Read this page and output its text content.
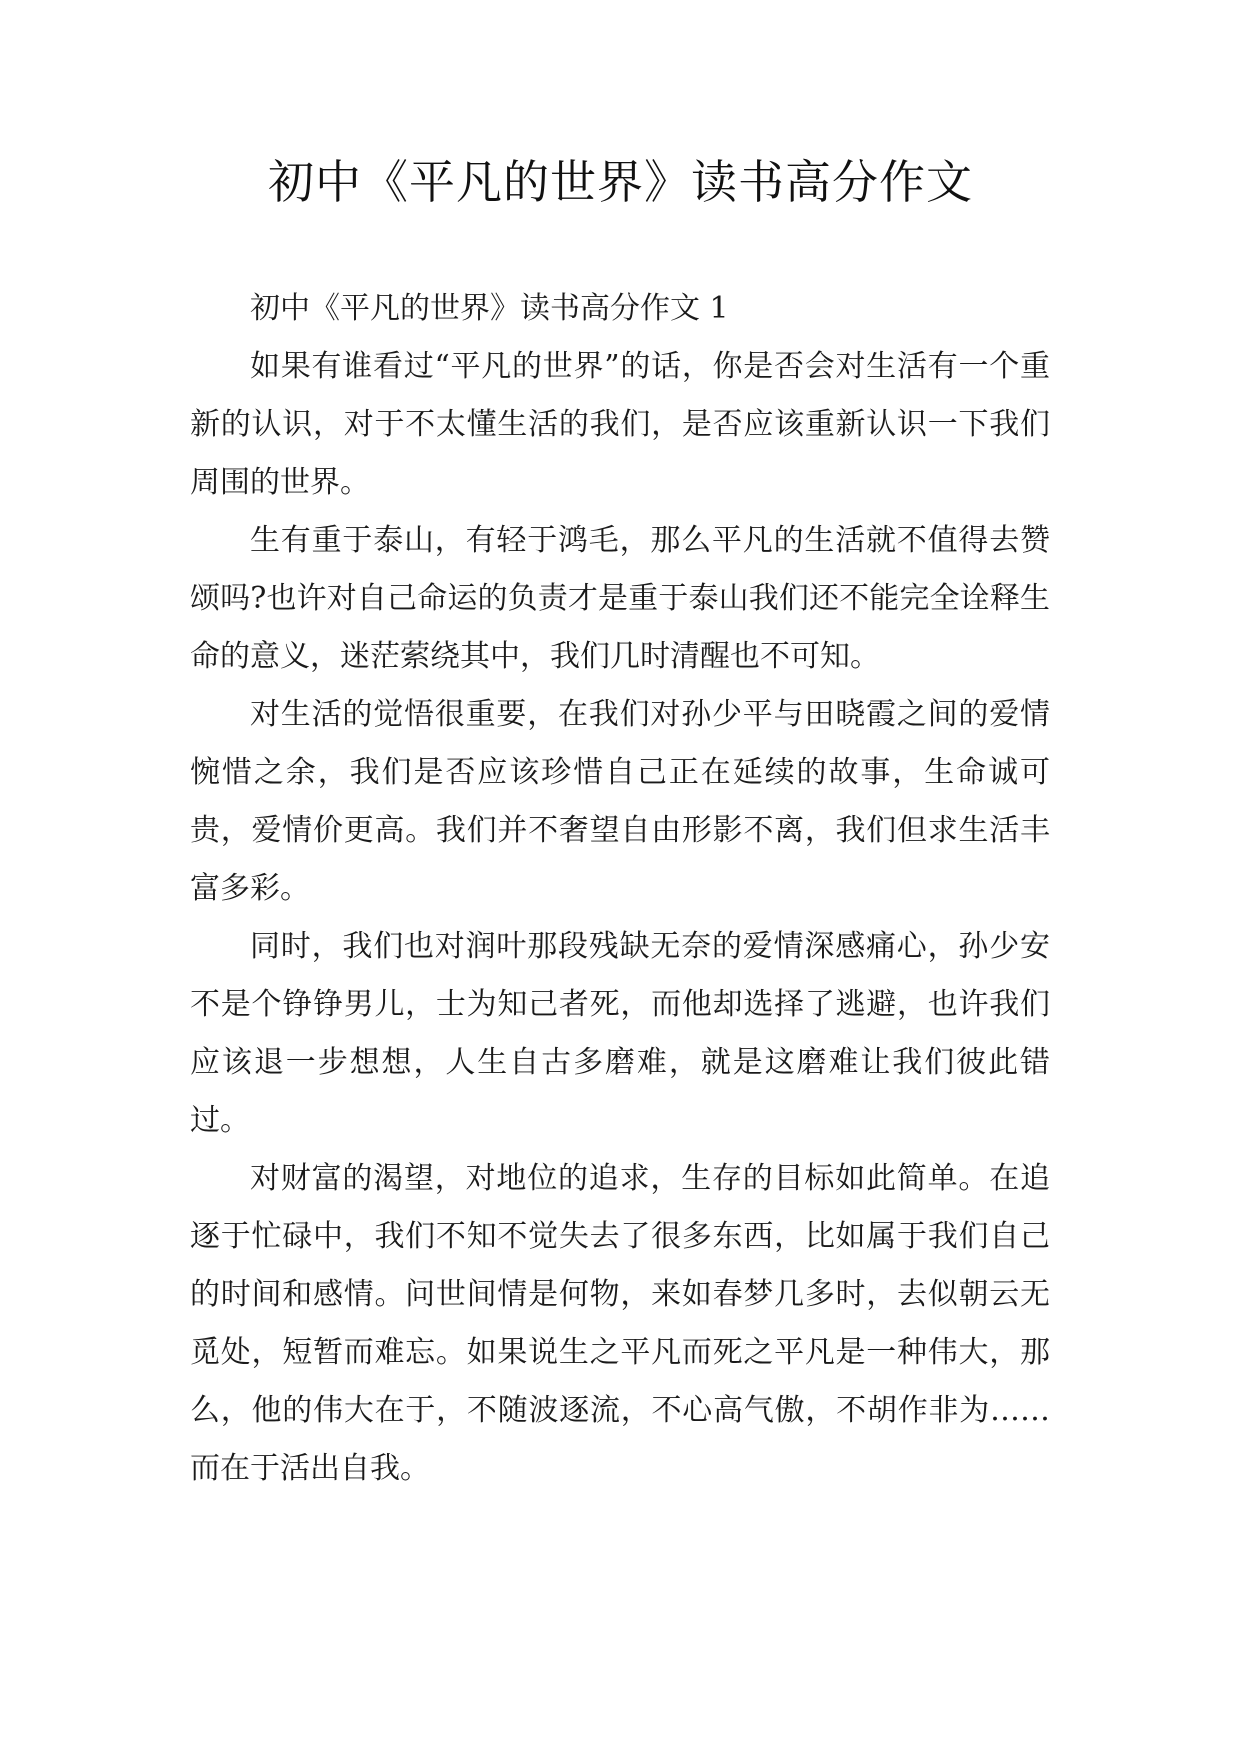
初中《平凡的世界》读书高分作文

初中《平凡的世界》读书高分作文 1

如果有谁看过“平凡的世界”的话，你是否会对生活有一个重新的认识，对于不太懂生活的我们，是否应该重新认识一下我们周围的世界。

生有重于泰山，有轻于鸿毛，那么平凡的生活就不值得去赞颂吗?也许对自己命运的负责才是重于泰山我们还不能完全诠释生命的意义，迷茫萦绕其中，我们几时清醒也不可知。

对生活的觉悟很重要，在我们对孙少平与田晓霞之间的爱情惋惜之余，我们是否应该珍惜自己正在延续的故事，生命诚可贵，爱情价更高。我们并不奢望自由形影不离，我们但求生活丰富多彩。

同时，我们也对润叶那段残缺无奈的爱情深感痛心，孙少安不是个铮铮男儿，士为知己者死，而他却选择了逃避，也许我们应该退一步想想，人生自古多磨难，就是这磨难让我们彼此错过。

对财富的渴望，对地位的追求，生存的目标如此简单。在追逐于忙碌中，我们不知不觉失去了很多东西，比如属于我们自己的时间和感情。问世间情是何物，来如春梦几多时，去似朝云无觅处，短暂而难忘。如果说生之平凡而死之平凡是一种伟大，那么，他的伟大在于，不随波逐流，不心高气傲，不胡作非为……而在于活出自我。
